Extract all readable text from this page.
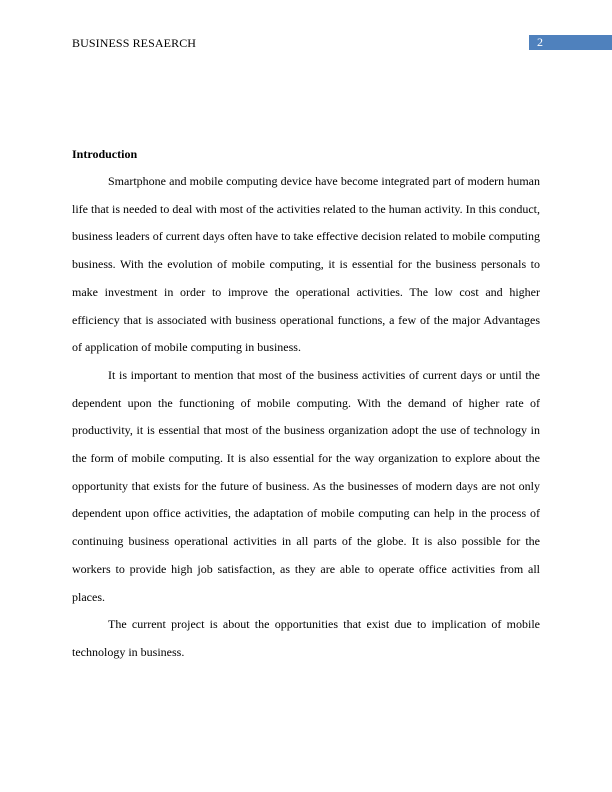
BUSINESS RESAERCH	2

Introduction

Smartphone and mobile computing device have become integrated part of modern human life that is needed to deal with most of the activities related to the human activity. In this conduct, business leaders of current days often have to take effective decision related to mobile computing business. With the evolution of mobile computing, it is essential for the business personals to make investment in order to improve the operational activities. The low cost and higher efficiency that is associated with business operational functions, a few of the major Advantages of application of mobile computing in business.

It is important to mention that most of the business activities of current days or until the dependent upon the functioning of mobile computing. With the demand of higher rate of productivity, it is essential that most of the business organization adopt the use of technology in the form of mobile computing. It is also essential for the way organization to explore about the opportunity that exists for the future of business. As the businesses of modern days are not only dependent upon office activities, the adaptation of mobile computing can help in the process of continuing business operational activities in all parts of the globe. It is also possible for the workers to provide high job satisfaction, as they are able to operate office activities from all places.

The current project is about the opportunities that exist due to implication of mobile technology in business.
